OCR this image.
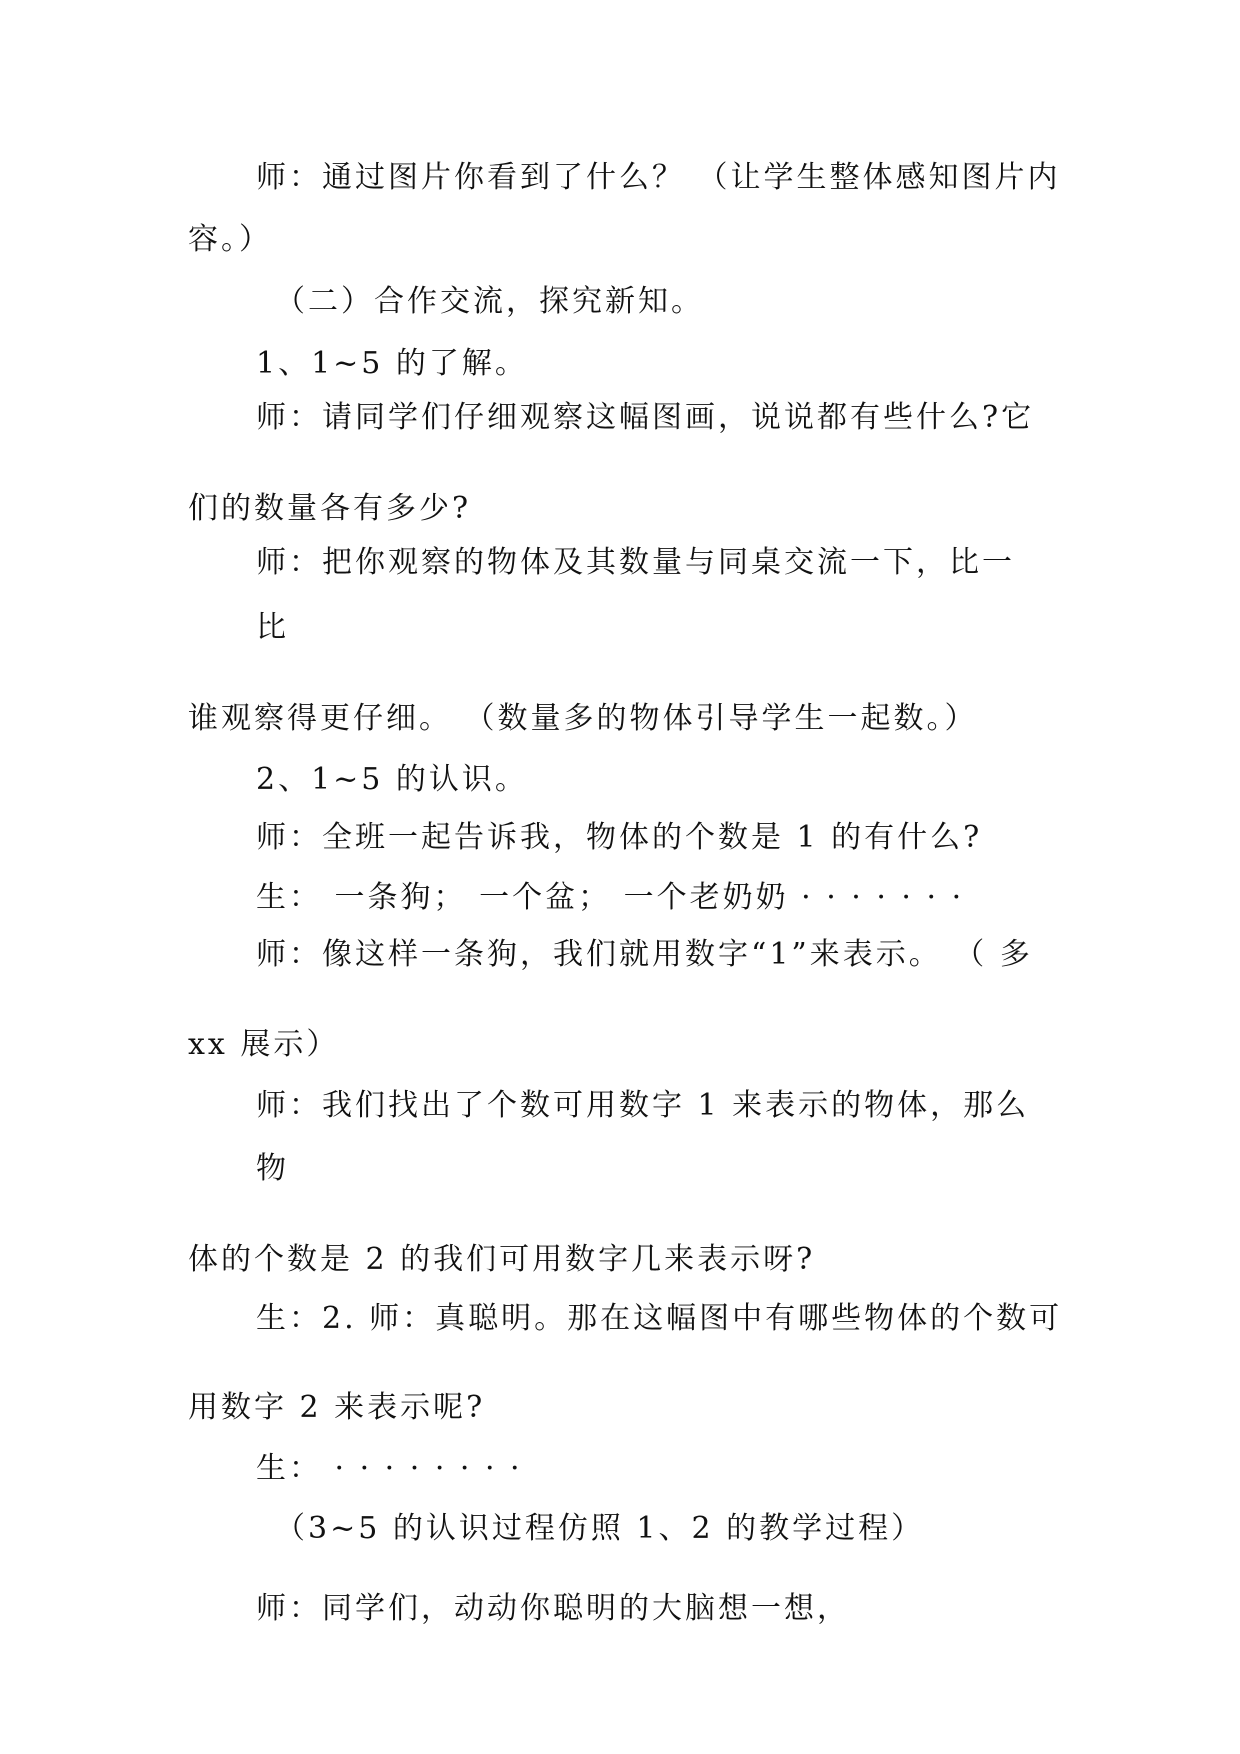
师：通过图片你看到了什么？ （让学生整体感知图片内
容。）
（二）合作交流，探究新知。
1、1~5 的了解。
师：请同学们仔细观察这幅图画，说说都有些什么?它
们的数量各有多少?
师：把你观察的物体及其数量与同桌交流一下，比一
比
谁观察得更仔细。 （数量多的物体引导学生一起数。）
2、1~5 的认识。
师：全班一起告诉我，物体的个数是 1 的有什么?
生： 一条狗； 一个盆； 一个老奶奶 · · · · · · ·
师：像这样一条狗，我们就用数字“1”来表示。 （ 多
xx 展示）
师：我们找出了个数可用数字 1 来表示的物体，那么
物
体的个数是 2 的我们可用数字几来表示呀?
生：2. 师：真聪明。那在这幅图中有哪些物体的个数可
用数字 2 来表示呢?
生： · · · · · · · ·
（3~5 的认识过程仿照 1、2 的教学过程）
师：同学们，动动你聪明的大脑想一想，
